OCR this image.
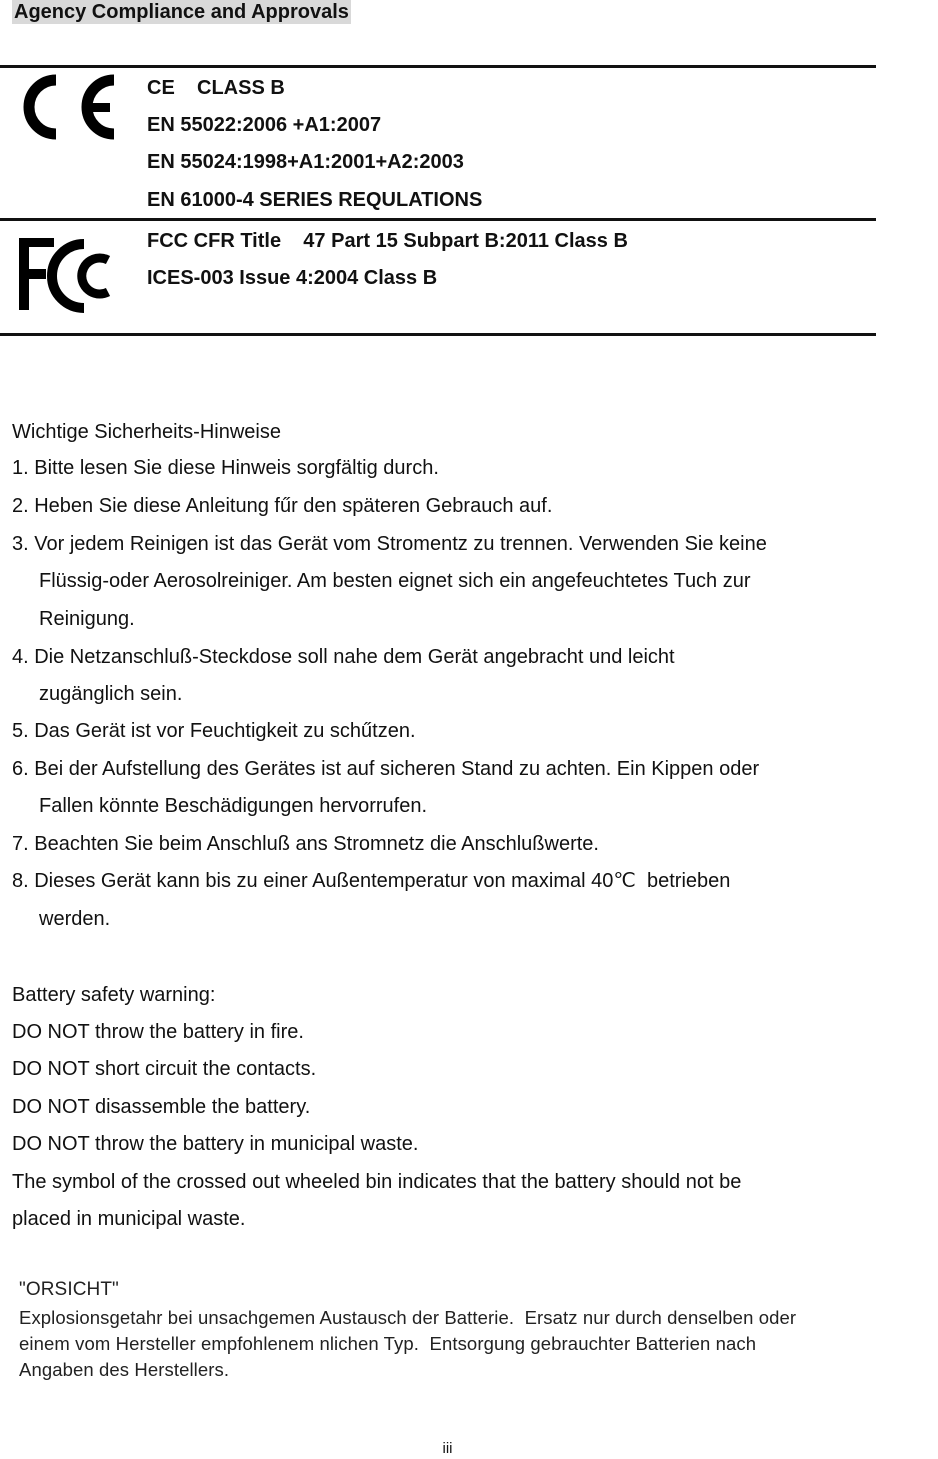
Agency Compliance and Approvals
CE    CLASS B
EN 55022:2006 +A1:2007
EN 55024:1998+A1:2001+A2:2003
EN 61000-4 SERIES REQULATIONS
FCC CFR Title    47 Part 15 Subpart B:2011 Class B
ICES-003 Issue 4:2004 Class B
Wichtige Sicherheits-Hinweise
1. Bitte lesen Sie diese Hinweis sorgfältig durch.
2. Heben Sie diese Anleitung fűr den späteren Gebrauch auf.
3. Vor jedem Reinigen ist das Gerät vom Stromentz zu trennen. Verwenden Sie keine
Flüssig-oder Aerosolreiniger. Am besten eignet sich ein angefeuchtetes Tuch zur
Reinigung.
4. Die Netzanschluß-Steckdose soll nahe dem Gerät angebracht und leicht
zugänglich sein.
5. Das Gerät ist vor Feuchtigkeit zu schűtzen.
6. Bei der Aufstellung des Gerätes ist auf sicheren Stand zu achten. Ein Kippen oder
Fallen könnte Beschädigungen hervorrufen.
7. Beachten Sie beim Anschluß ans Stromnetz die Anschlußwerte.
8. Dieses Gerät kann bis zu einer Außentemperatur von maximal 40℃  betrieben
werden.
Battery safety warning:
DO NOT throw the battery in fire.
DO NOT short circuit the contacts.
DO NOT disassemble the battery.
DO NOT throw the battery in municipal waste.
The symbol of the crossed out wheeled bin indicates that the battery should not be
placed in municipal waste.
"ORSICHT"
Explosionsgetahr bei unsachgemen Austausch der Batterie.  Ersatz nur durch denselben oder
einem vom Hersteller empfohlenem nlichen Typ.  Entsorgung gebrauchter Batterien nach
Angaben des Herstellers.
iii
